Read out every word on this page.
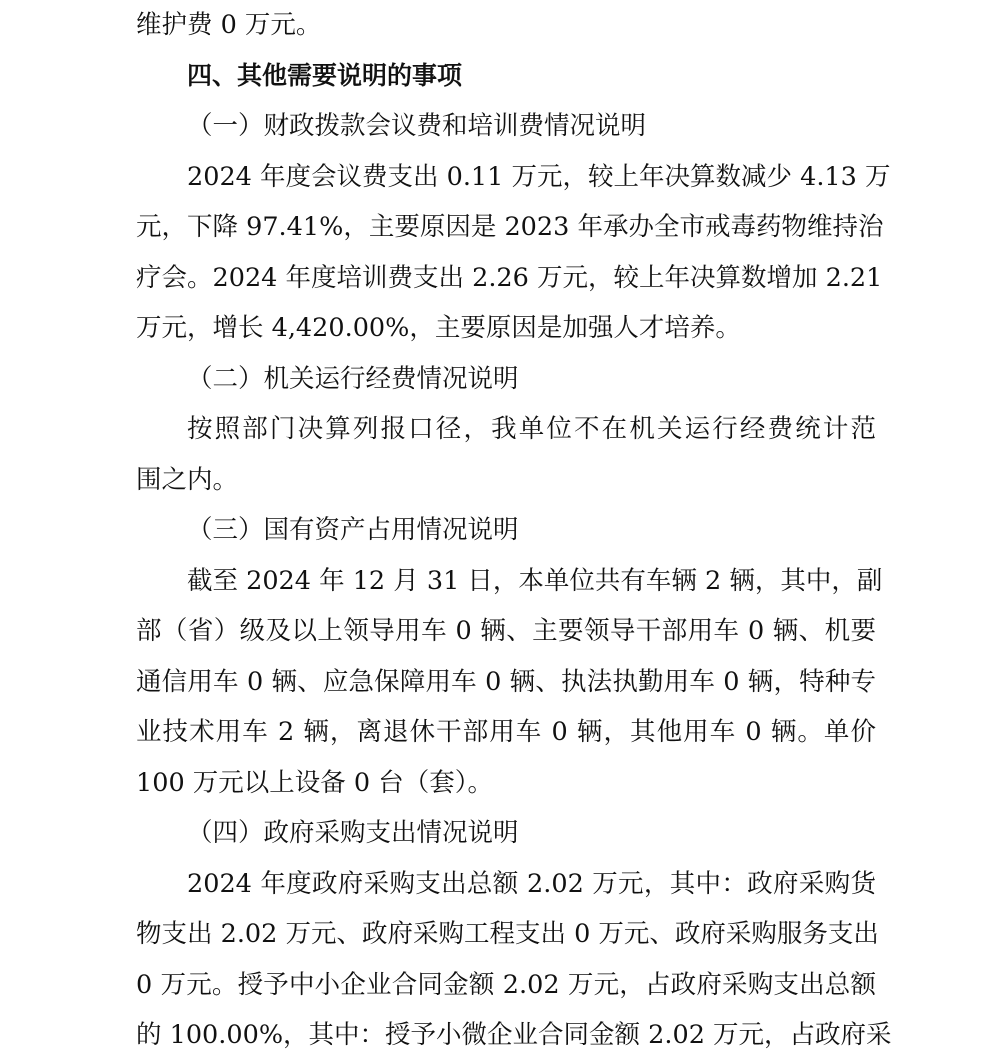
维护费 0 万元。
四、其他需要说明的事项
（一）财政拨款会议费和培训费情况说明
2024 年度会议费支出 0.11 万元，较上年决算数减少 4.13 万
元，下降 97.41%，主要原因是 2023 年承办全市戒毒药物维持治
疗会。2024 年度培训费支出 2.26 万元，较上年决算数增加 2.21
万元，增长 4,420.00%，主要原因是加强人才培养。
（二）机关运行经费情况说明
按照部门决算列报口径，我单位不在机关运行经费统计范
围之内。
（三）国有资产占用情况说明
截至 2024 年 12 月 31 日，本单位共有车辆 2 辆，其中，副
部（省）级及以上领导用车 0 辆、主要领导干部用车 0 辆、机要
通信用车 0 辆、应急保障用车 0 辆、执法执勤用车 0 辆，特种专
业技术用车 2 辆，离退休干部用车 0 辆，其他用车 0 辆。单价
100 万元以上设备 0 台（套）。
（四）政府采购支出情况说明
2024 年度政府采购支出总额 2.02 万元，其中：政府采购货
物支出 2.02 万元、政府采购工程支出 0 万元、政府采购服务支出
0 万元。授予中小企业合同金额 2.02 万元，占政府采购支出总额
的 100.00%，其中：授予小微企业合同金额 2.02 万元，占政府采
